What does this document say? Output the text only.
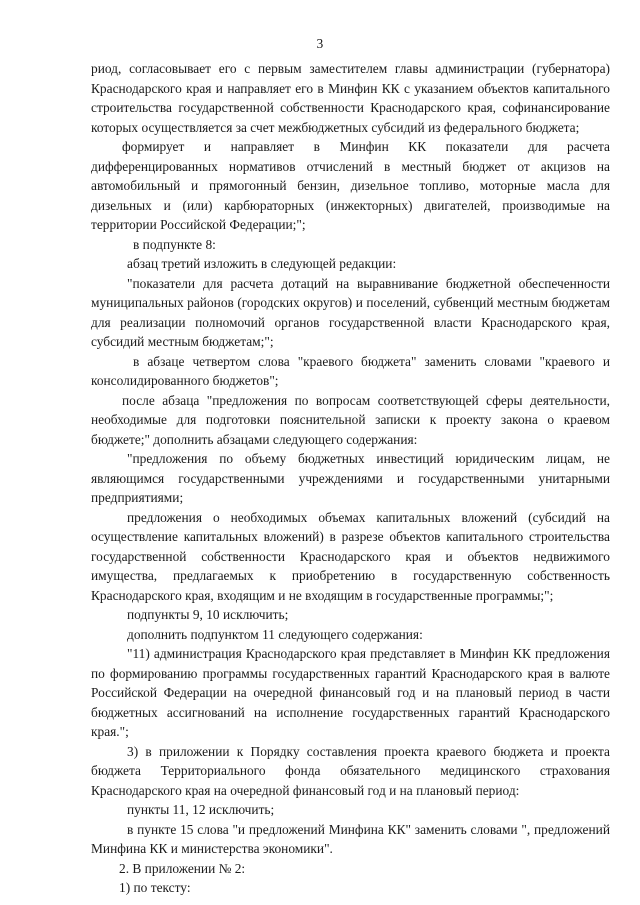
3

риод, согласовывает его с первым заместителем главы администрации (губернатора) Краснодарского края и направляет его в Минфин КК с указанием объектов капитального строительства государственной собственности Краснодарского края, софинансирование которых осуществляется за счет межбюджетных субсидий из федерального бюджета;

формирует и направляет в Минфин КК показатели для расчета дифференцированных нормативов отчислений в местный бюджет от акцизов на автомобильный и прямогонный бензин, дизельное топливо, моторные масла для дизельных и (или) карбюраторных (инжекторных) двигателей, производимые на территории Российской Федерации;";

в подпункте 8:

абзац третий изложить в следующей редакции:

"показатели для расчета дотаций на выравнивание бюджетной обеспеченности муниципальных районов (городских округов) и поселений, субвенций местным бюджетам для реализации полномочий органов государственной власти Краснодарского края, субсидий местным бюджетам;";

в абзаце четвертом слова "краевого бюджета" заменить словами "краевого и консолидированного бюджетов";

после абзаца "предложения по вопросам соответствующей сферы деятельности, необходимые для подготовки пояснительной записки к проекту закона о краевом бюджете;" дополнить абзацами следующего содержания:

"предложения по объему бюджетных инвестиций юридическим лицам, не являющимся государственными учреждениями и государственными унитарными предприятиями;

предложения о необходимых объемах капитальных вложений (субсидий на осуществление капитальных вложений) в разрезе объектов капитального строительства государственной собственности Краснодарского края и объектов недвижимого имущества, предлагаемых к приобретению в государственную собственность Краснодарского края, входящим и не входящим в государственные программы;";

подпункты 9, 10 исключить;

дополнить подпунктом 11 следующего содержания:

"11) администрация Краснодарского края представляет в Минфин КК предложения по формированию программы государственных гарантий Краснодарского края в валюте Российской Федерации на очередной финансовый год и на плановый период в части бюджетных ассигнований на исполнение государственных гарантий Краснодарского края.";

3) в приложении к Порядку составления проекта краевого бюджета и проекта бюджета Территориального фонда обязательного медицинского страхования Краснодарского края на очередной финансовый год и на плановый период:

пункты 11, 12 исключить;

в пункте 15 слова "и предложений Минфина КК" заменить словами ", предложений Минфина КК и министерства экономики".

2. В приложении № 2:

1) по тексту:
